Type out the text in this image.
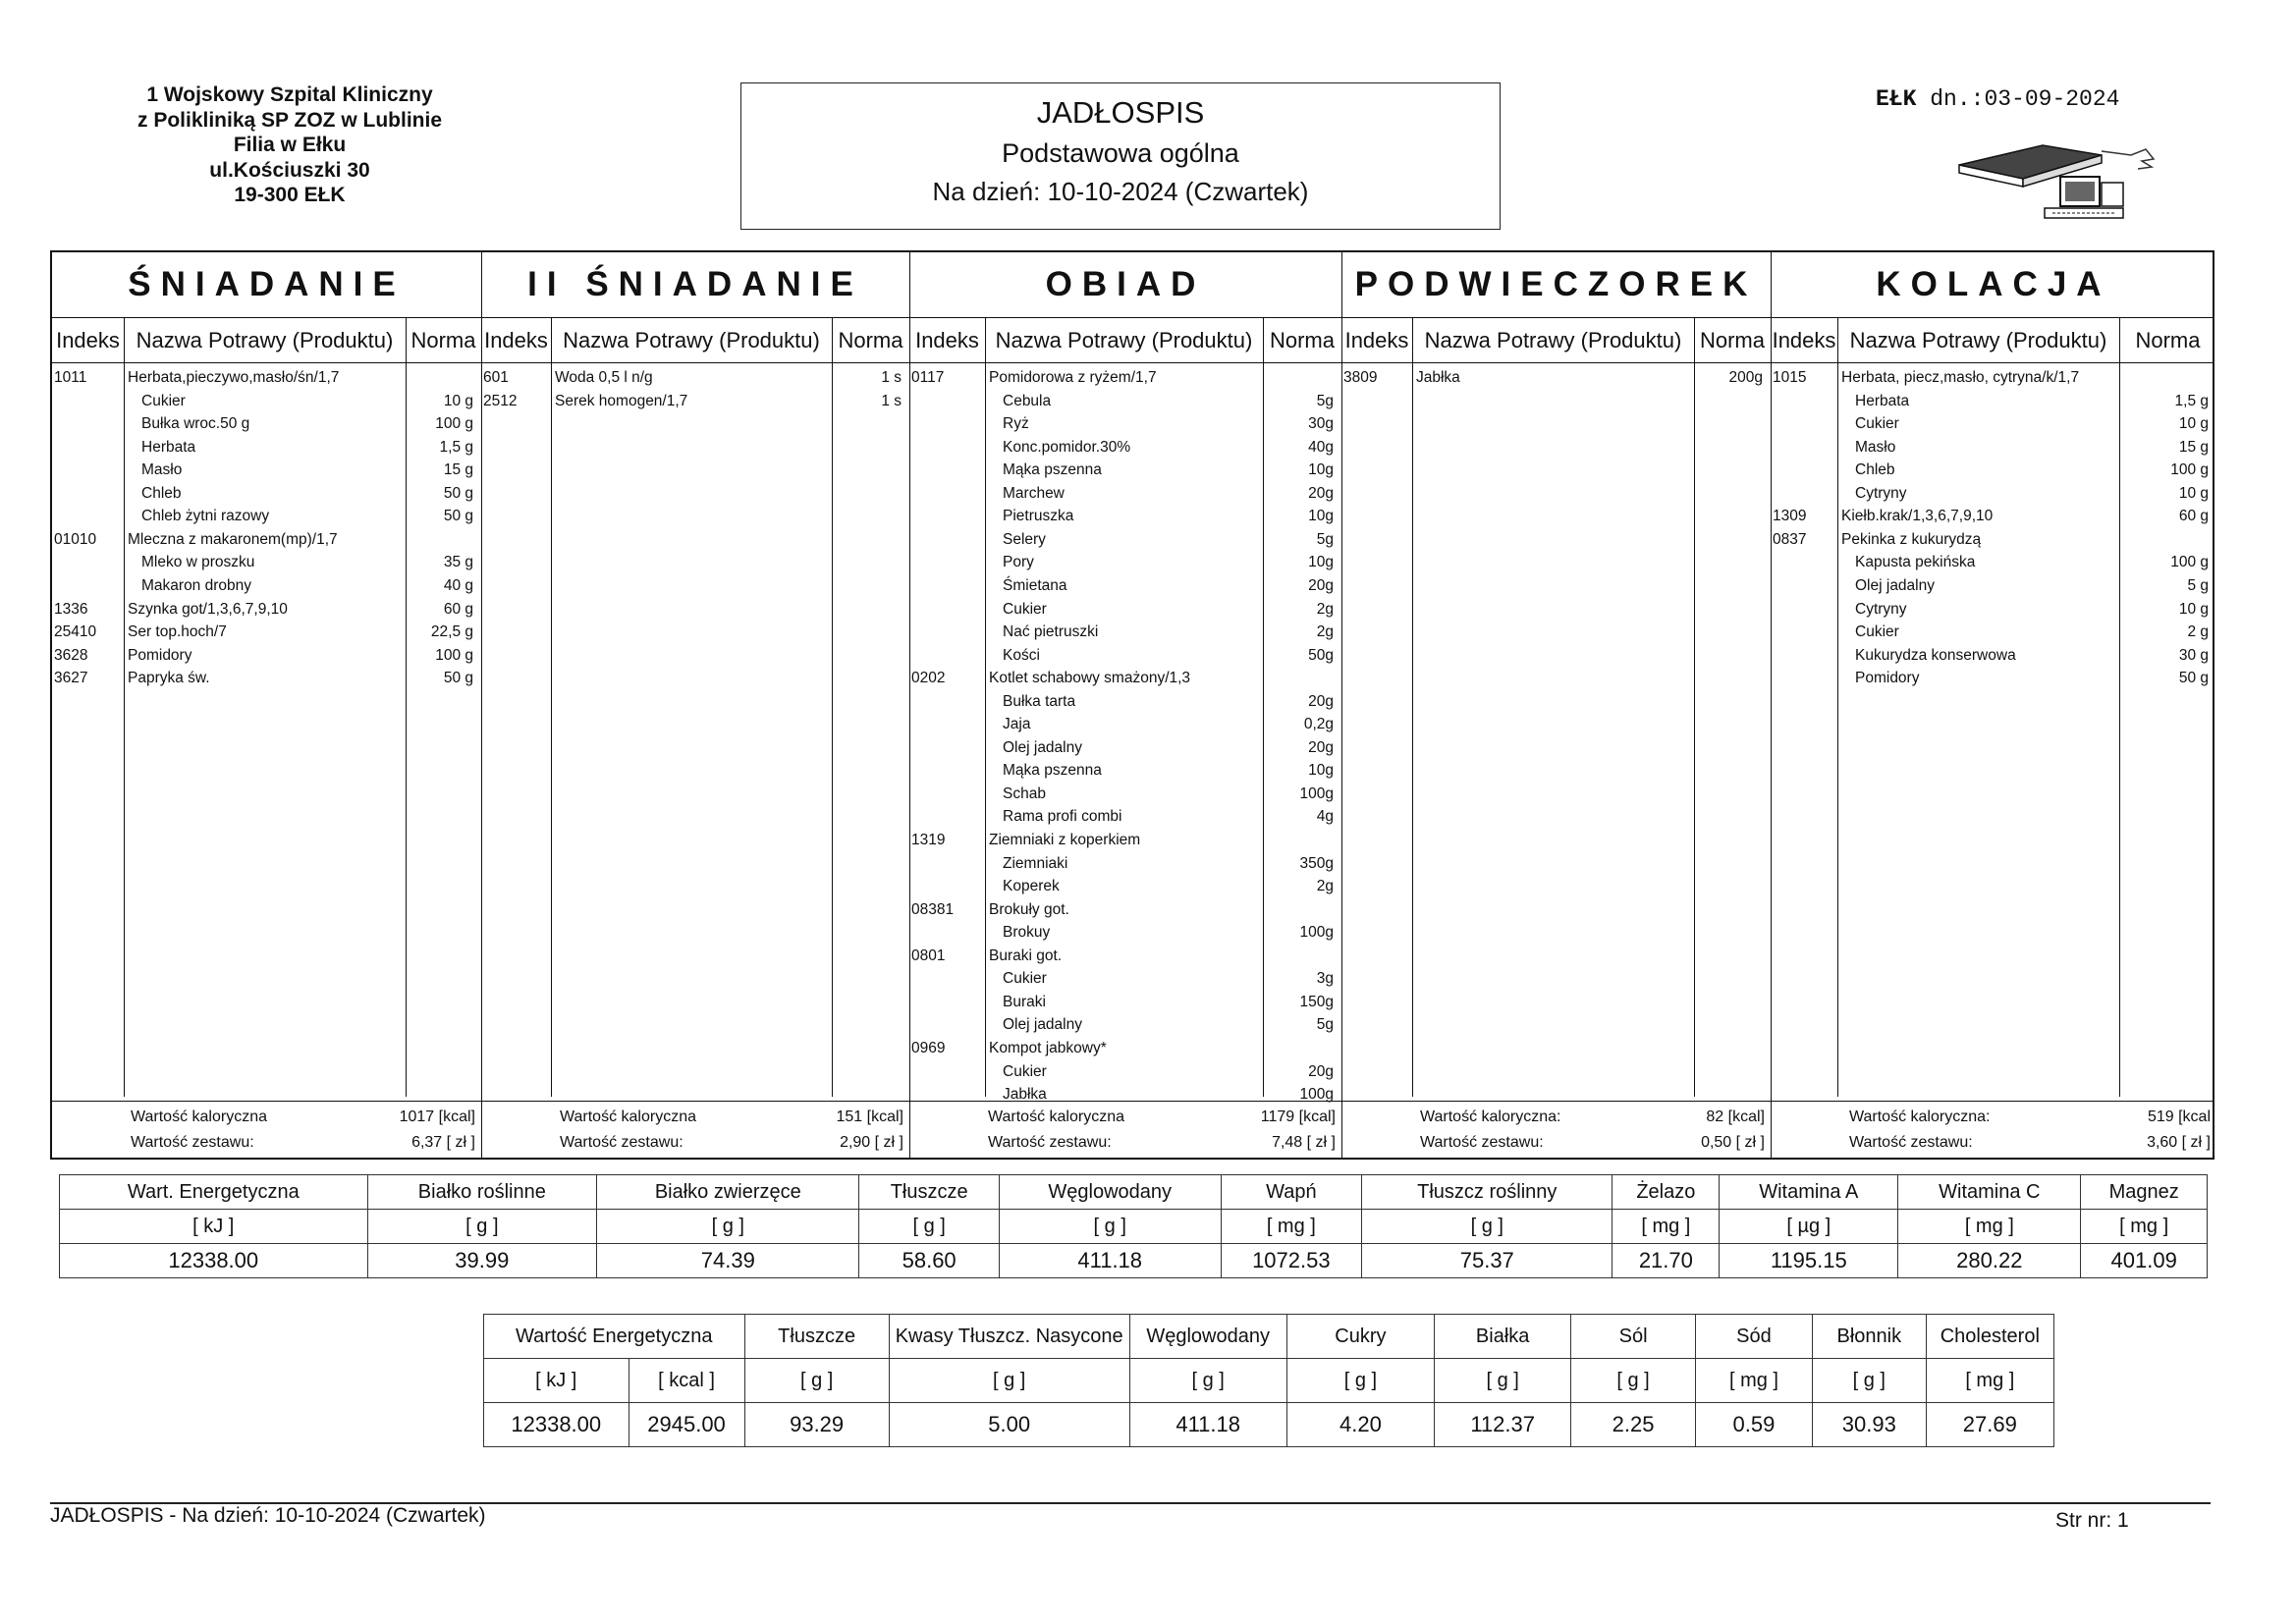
1 Wojskowy Szpital Kliniczny
z Polikliniką SP ZOZ w Lublinie
Filia w Ełku
ul.Kościuszki 30
19-300 EŁK
JADŁOSPIS
Podstawowa ogólna
Na dzień: 10-10-2024 (Czwartek)
EŁK dn.:03-09-2024
ŚNIADANIE
Indeks Nazwa Potrawy (Produktu) Norma
1011	Herbata,pieczywo,masło/śn/1,7
Cukier	10 g
Bułka wroc.50 g	100 g
Herbata	1,5 g
Masło	15 g
Chleb	50 g
Chleb żytni razowy	50 g
01010 Mleczna z makaronem(mp)/1,7
Mleko w proszku	35 g
Makaron drobny	40 g
1336	Szynka got/1,3,6,7,9,10	60 g
25410 Ser top.hoch/7	22,5 g
3628	Pomidory	100 g
3627	Papryka św.	50 g
Wartość kaloryczna	1017 [kcal]
Wartość zestawu:	6,37 [ zł ]
II ŚNIADANIE
Indeks Nazwa Potrawy (Produktu) Norma
601	Woda 0,5 l n/g	1 s
2512 Serek homogen/1,7	1 s
Wartość kaloryczna	151 [kcal]
Wartość zestawu:	2,90 [ zł ]
OBIAD
Indeks Nazwa Potrawy (Produktu) Norma
0117	Pomidorowa z ryżem/1,7
Cebula	5g
Ryż	30g
Konc.pomidor.30%	40g
Mąka pszenna	10g
Marchew	20g
Pietruszka	10g
Selery	5g
Pory	10g
Śmietana	20g
Cukier	2g
Nać pietruszki	2g
Kości	50g
0202	Kotlet schabowy smażony/1,3
Bułka tarta	20g
Jaja	0,2g
Olej jadalny	20g
Mąka pszenna	10g
Schab	100g
Rama profi combi	4g
1319	Ziemniaki z koperkiem
Ziemniaki	350g
Koperek	2g
08381 Brokuły got.
Brokuy	100g
0801	Buraki got.
Cukier	3g
Buraki	150g
Olej jadalny	5g
0969	Kompot jabkowy*
Cukier	20g
Jabłka	100g
Wartość kaloryczna	1179 [kcal]
Wartość zestawu:	7,48 [ zł ]
PODWIECZOREK
Indeks Nazwa Potrawy (Produktu) Norma
3809	Jabłka	200g
Wartość kaloryczna:	82 [kcal]
Wartość zestawu:	0,50 [ zł ]
KOLACJA
Indeks Nazwa Potrawy (Produktu)	Norma
1015 Herbata, piecz,masło, cytryna/k/1,7
Herbata	1,5 g
Cukier	10 g
Masło	15 g
Chleb	100 g
Cytryny	10 g
1309 Kiełb.krak/1,3,6,7,9,10	60 g
0837 Pekinka z kukurydzą
Kapusta pekińska	100 g
Olej jadalny	5 g
Cytryny	10 g
Cukier	2 g
Kukurydza konserwowa	30 g
Pomidory	50 g
Wartość kaloryczna:	519 [kcal
Wartość zestawu:	3,60 [ zł ]
Wart. Energetyczna	Białko roślinne	Białko zwierzęce	Tłuszcze	Węglowodany	Wapń	Tłuszcz roślinny	Żelazo	Witamina A	Witamina C	Magnez
[ kJ ]	[ g ]	[ g ]	[ g ]	[ g ]	[ mg ]	[ g ]	[ mg ]	[ µg ]	[ mg ]	[ mg ]
12338.00	39.99	74.39	58.60	411.18	1072.53	75.37	21.70	1195.15	280.22	401.09
Wartość Energetyczna		Tłuszcze	Kwasy Tłuszcz. Nasycone	Węglowodany	Cukry	Białka	Sól	Sód	Błonnik	Cholesterol
[ kJ ]	[ kcal ]	[ g ]	[ g ]	[ g ]	[ g ]	[ g ]	[ g ]	[ mg ]	[ g ]	[ mg ]
12338.00	2945.00	93.29	5.00	411.18	4.20	112.37	2.25	0.59	30.93	27.69
JADŁOSPIS - Na dzień: 10-10-2024 (Czwartek)	Str nr: 1
